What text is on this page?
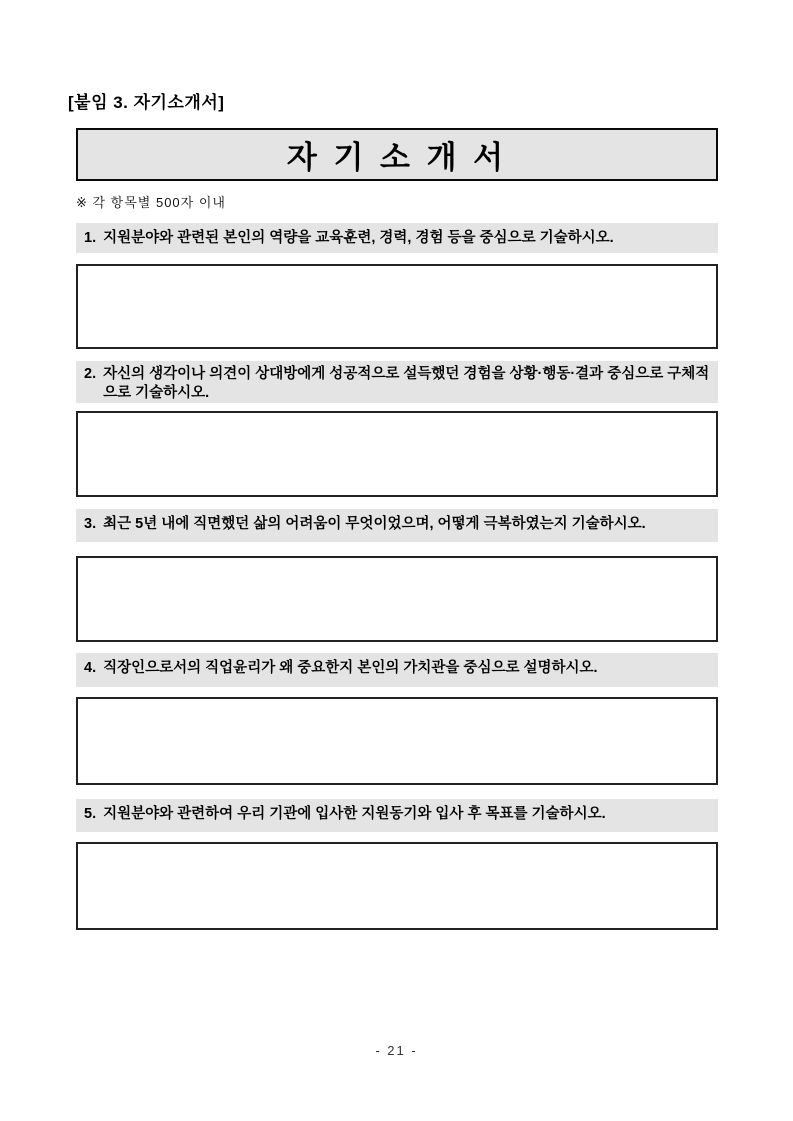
[붙임 3. 자기소개서]
자 기 소 개 서
※ 각 항목별 500자 이내
1. 지원분야와 관련된 본인의 역량을 교육훈련, 경력, 경험 등을 중심으로 기술하시오.
2. 자신의 생각이나 의견이 상대방에게 성공적으로 설득했던 경험을 상황·행동·결과 중심으로 구체적으로 기술하시오.
3. 최근 5년 내에 직면했던 삶의 어려움이 무엇이었으며, 어떻게 극복하였는지 기술하시오.
4. 직장인으로서의 직업윤리가 왜 중요한지 본인의 가치관을 중심으로 설명하시오.
5. 지원분야와 관련하여 우리 기관에 입사한 지원동기와 입사 후 목표를 기술하시오.
- 21 -
